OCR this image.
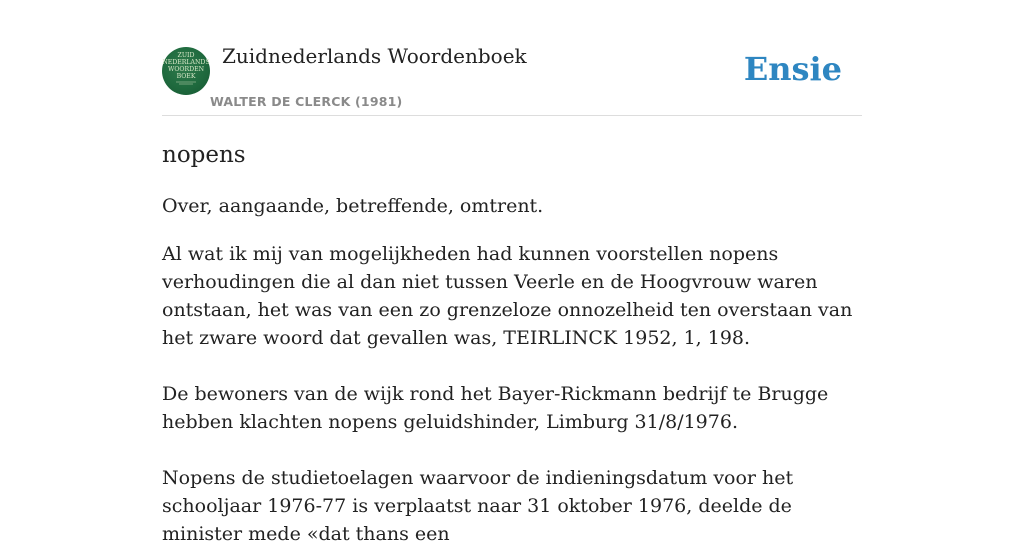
ZUID
NEDERLANDS
WOORDEN
BOEK
Zuidnederlands Woordenboek
WALTER DE CLERCK (1981)
Ensie
nopens

Over, aangaande, betreffende, omtrent.

Al wat ik mij van mogelijkheden had kunnen voorstellen nopens verhoudingen die al dan niet tussen Veerle en de Hoogvrouw waren ontstaan, het was van een zo grenzeloze onnozelheid ten overstaan van het zware woord dat gevallen was, TEIRLINCK 1952, 1, 198.

De bewoners van de wijk rond het Bayer-Rickmann bedrijf te Brugge hebben klachten nopens geluidshinder, Limburg 31/8/1976.

Nopens de studietoelagen waarvoor de indieningsdatum voor het schooljaar 1976-77 is verplaatst naar 31 oktober 1976, deelde de minister mede «dat thans een
